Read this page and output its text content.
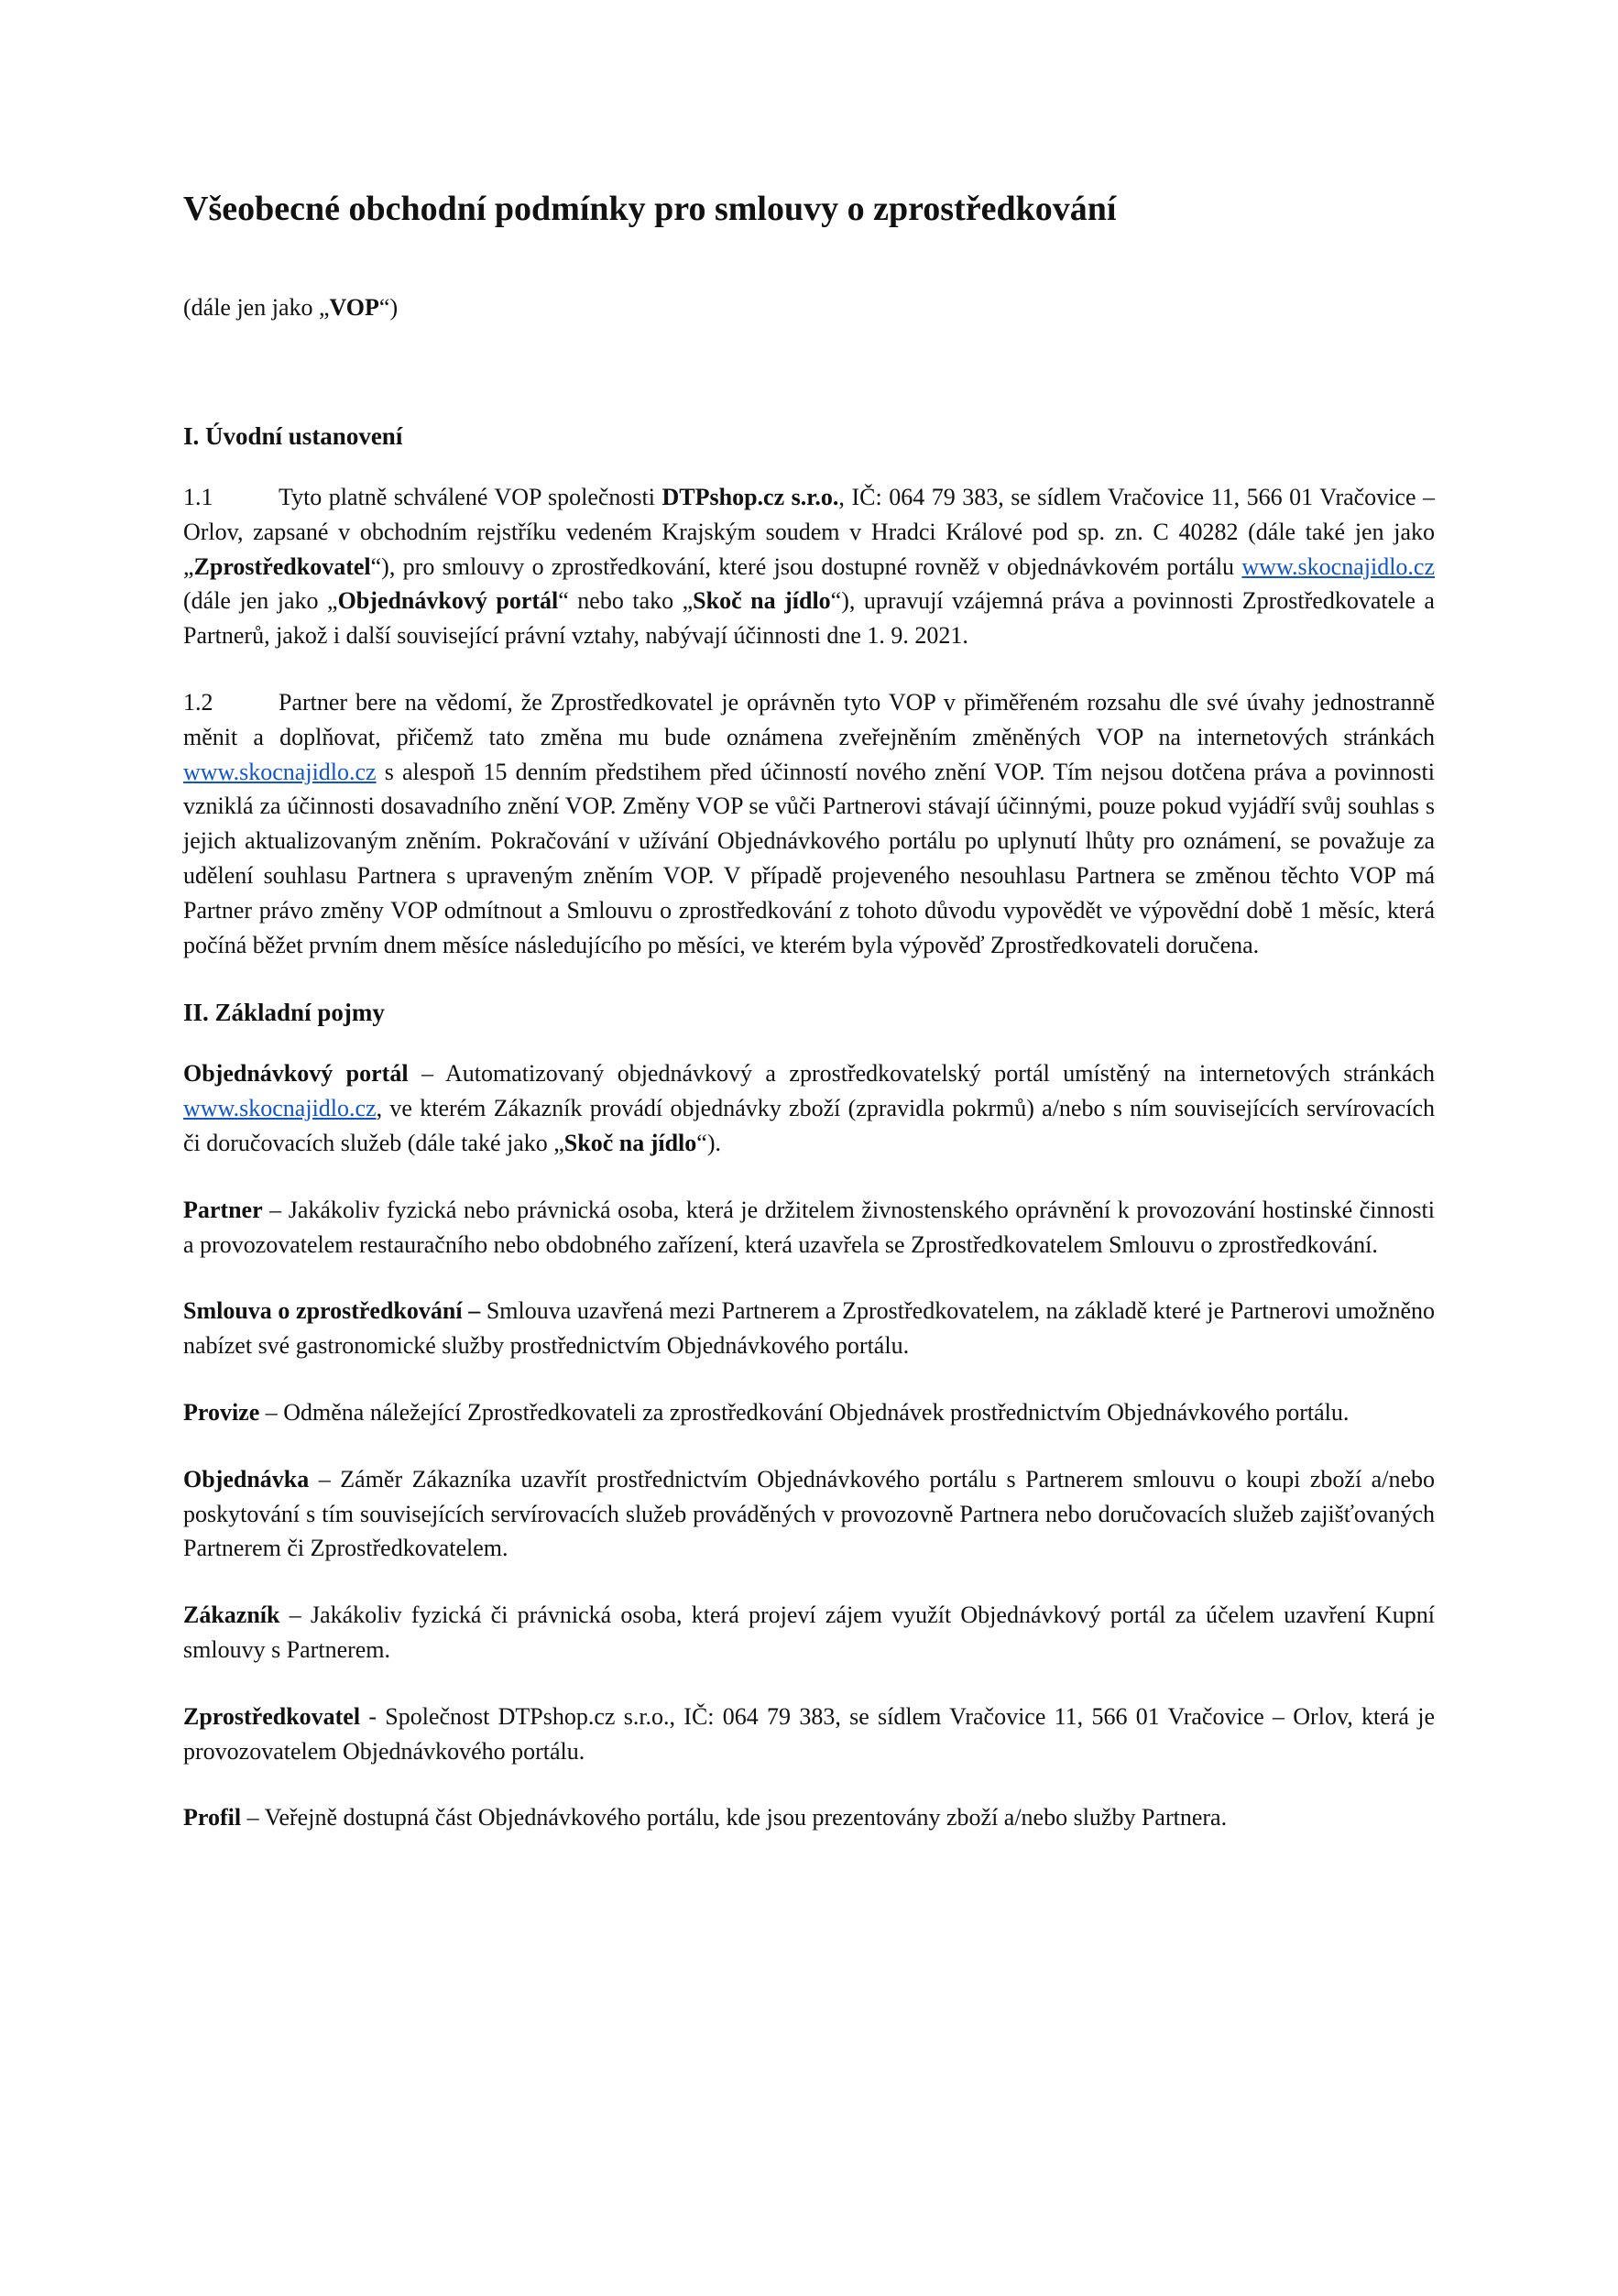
Všeobecné obchodní podmínky pro smlouvy o zprostředkování
(dále jen jako „VOP“)
I. Úvodní ustanovení

1.1	Tyto platně schválené VOP společnosti DTPshop.cz s.r.o., IČ: 064 79 383, se sídlem Vračovice 11, 566 01 Vračovice – Orlov, zapsané v obchodním rejstříku vedeném Krajským soudem v Hradci Králové pod sp. zn. C 40282 (dále také jen jako „Zprostředkovatel“), pro smlouvy o zprostředkování, které jsou dostupné rovněž v objednávkovém portálu www.skocnajidlo.cz (dále jen jako „Objednávkový portál“ nebo tako „Skoč na jídlo“), upravují vzájemná práva a povinnosti Zprostředkovatele a Partnerů, jakož i další související právní vztahy, nabývají účinnosti dne 1. 9. 2021.

1.2	Partner bere na vědomí, že Zprostředkovatel je oprávněn tyto VOP v přiměřeném rozsahu dle své úvahy jednostranně měnit a doplňovat, přičemž tato změna mu bude oznámena zveřejněním změněných VOP na internetových stránkách www.skocnajidlo.cz s alespoň 15 denním předstihem před účinností nového znění VOP. Tím nejsou dotčena práva a povinnosti vzniklá za účinnosti dosavadního znění VOP. Změny VOP se vůči Partnerovi stávají účinnými, pouze pokud vyjádří svůj souhlas s jejich aktualizovaným zněním. Pokračování v užívání Objednávkového portálu po uplynutí lhůty pro oznámení, se považuje za udělení souhlasu Partnera s upraveným zněním VOP. V případě projeveného nesouhlasu Partnera se změnou těchto VOP má Partner právo změny VOP odmítnout a Smlouvu o zprostředkování z tohoto důvodu vypovědět ve výpovědní době 1 měsíc, která počíná běžet prvním dnem měsíce následujícího po měsíci, ve kterém byla výpověď Zprostředkovateli doručena.

II. Základní pojmy

Objednávkový portál – Automatizovaný objednávkový a zprostředkovatelský portál umístěný na internetových stránkách www.skocnajidlo.cz, ve kterém Zákazník provádí objednávky zboží (zpravidla pokrmů) a/nebo s ním souvisejících servírovacích či doručovacích služeb (dále také jako „Skoč na jídlo“).

Partner – Jakákoliv fyzická nebo právnická osoba, která je držitelem živnostenského oprávnění k provozování hostinské činnosti a provozovatelem restauračního nebo obdobného zařízení, která uzavřela se Zprostředkovatelem Smlouvu o zprostředkování.

Smlouva o zprostředkování – Smlouva uzavřená mezi Partnerem a Zprostředkovatelem, na základě které je Partnerovi umožněno nabízet své gastronomické služby prostřednictvím Objednávkového portálu.

Provize – Odměna náležející Zprostředkovateli za zprostředkování Objednávek prostřednictvím Objednávkového portálu.

Objednávka – Záměr Zákazníka uzavřít prostřednictvím Objednávkového portálu s Partnerem smlouvu o koupi zboží a/nebo poskytování s tím souvisejících servírovacích služeb prováděných v provozovně Partnera nebo doručovacích služeb zajišťovaných Partnerem či Zprostředkovatelem.

Zákazník – Jakákoliv fyzická či právnická osoba, která projeví zájem využít Objednávkový portál za účelem uzavření Kupní smlouvy s Partnerem.

Zprostředkovatel - Společnost DTPshop.cz s.r.o., IČ: 064 79 383, se sídlem Vračovice 11, 566 01 Vračovice – Orlov, která je provozovatelem Objednávkového portálu.

Profil – Veřejně dostupná část Objednávkového portálu, kde jsou prezentovány zboží a/nebo služby Partnera.
